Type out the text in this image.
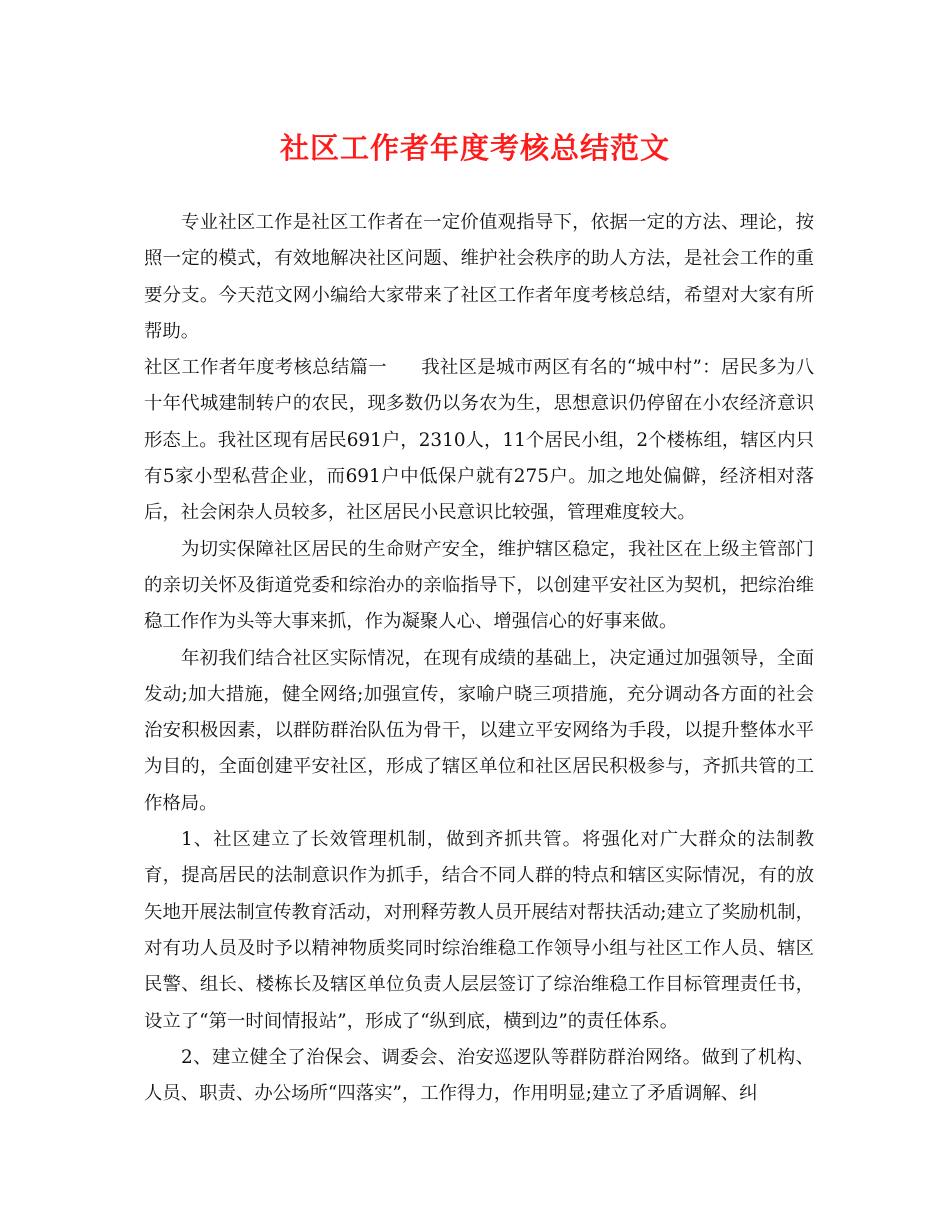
社区工作者年度考核总结范文

专业社区工作是社区工作者在一定价值观指导下，依据一定的方法、理论，按照一定的模式，有效地解决社区问题、维护社会秩序的助人方法，是社会工作的重要分支。今天范文网小编给大家带来了社区工作者年度考核总结，希望对大家有所帮助。

社区工作者年度考核总结篇一 我社区是城市两区有名的“城中村”：居民多为八十年代城建制转户的农民，现多数仍以务农为生，思想意识仍停留在小农经济意识形态上。我社区现有居民691户，2310人，11个居民小组，2个楼栋组，辖区内只有5家小型私营企业，而691户中低保户就有275户。加之地处偏僻，经济相对落后，社会闲杂人员较多，社区居民小民意识比较强，管理难度较大。

为切实保障社区居民的生命财产安全，维护辖区稳定，我社区在上级主管部门的亲切关怀及街道党委和综治办的亲临指导下，以创建平安社区为契机，把综治维稳工作作为头等大事来抓，作为凝聚人心、增强信心的好事来做。

年初我们结合社区实际情况，在现有成绩的基础上，决定通过加强领导，全面发动;加大措施，健全网络;加强宣传，家喻户晓三项措施，充分调动各方面的社会治安积极因素，以群防群治队伍为骨干，以建立平安网络为手段，以提升整体水平为目的，全面创建平安社区，形成了辖区单位和社区居民积极参与，齐抓共管的工作格局。

1、社区建立了长效管理机制，做到齐抓共管。将强化对广大群众的法制教育，提高居民的法制意识作为抓手，结合不同人群的特点和辖区实际情况，有的放矢地开展法制宣传教育活动，对刑释劳教人员开展结对帮扶活动;建立了奖励机制，对有功人员及时予以精神物质奖同时综治维稳工作领导小组与社区工作人员、辖区民警、组长、楼栋长及辖区单位负责人层层签订了综治维稳工作目标管理责任书，设立了“第一时间情报站”，形成了“纵到底，横到边”的责任体系。

2、建立健全了治保会、调委会、治安巡逻队等群防群治网络。做到了机构、人员、职责、办公场所“四落实”，工作得力，作用明显;建立了矛盾调解、纠
